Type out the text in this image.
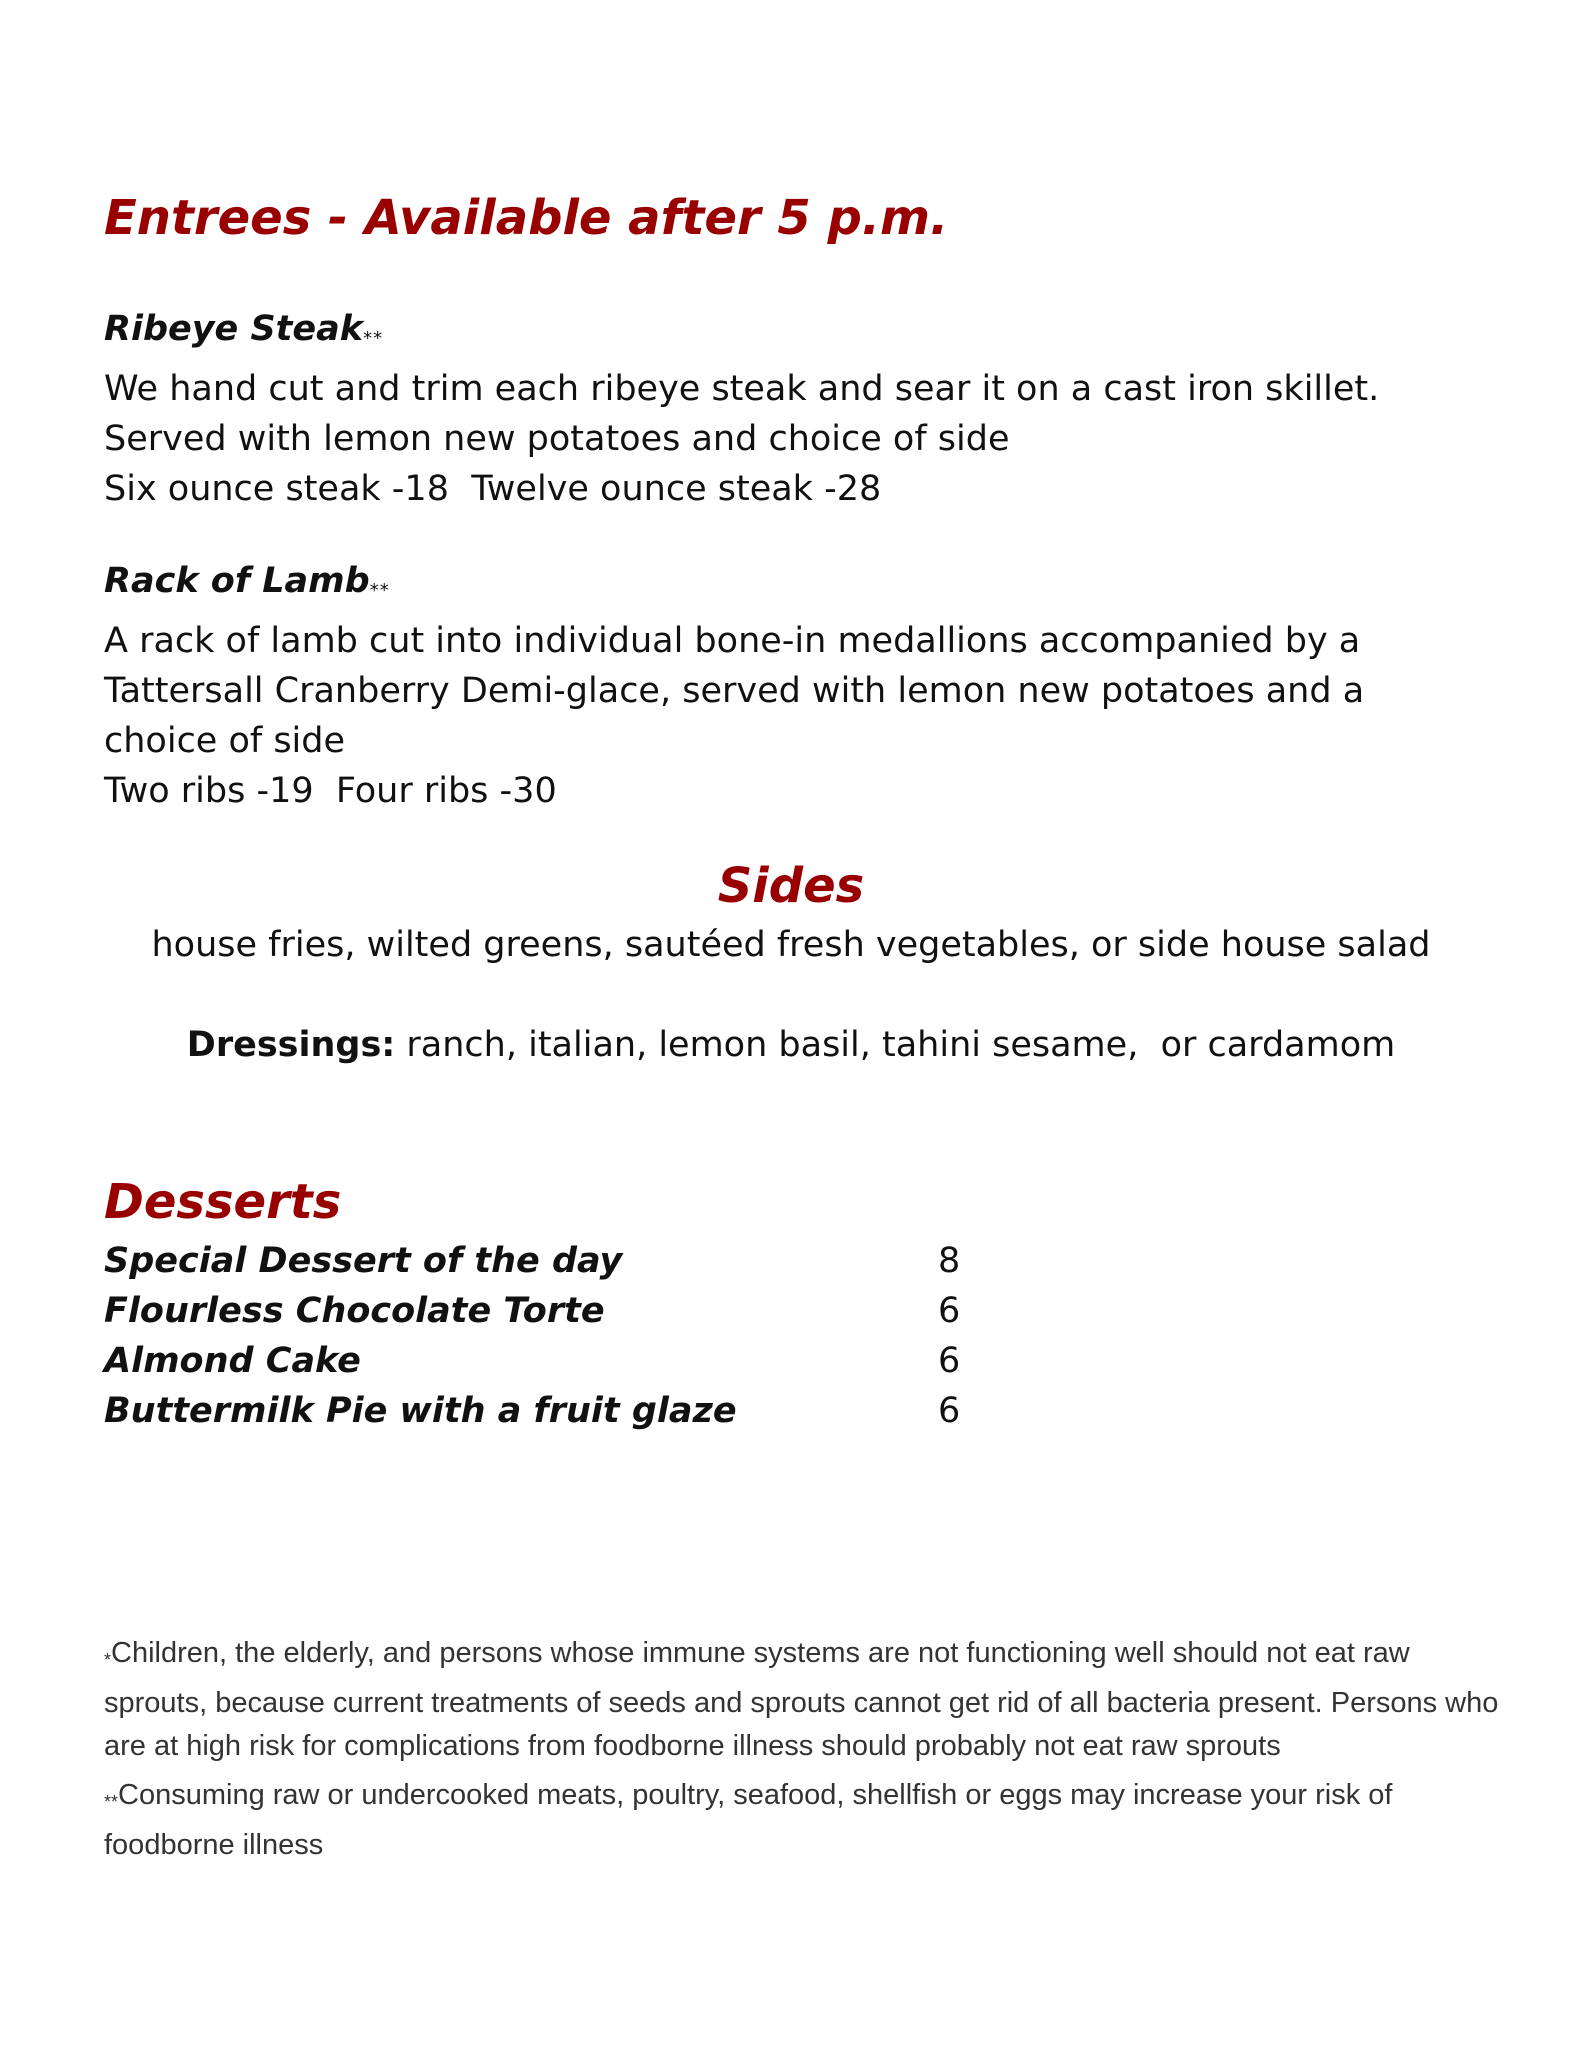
Entrees - Available after 5 p.m.
Ribeye Steak**
We hand cut and trim each ribeye steak and sear it on a cast iron skillet.
Served with lemon new potatoes and choice of side
Six ounce steak -18  Twelve ounce steak -28
Rack of Lamb**
A rack of lamb cut into individual bone-in medallions accompanied by a
Tattersall Cranberry Demi-glace, served with lemon new potatoes and a
choice of side
Two ribs -19  Four ribs -30
Sides
house fries, wilted greens, sautéed fresh vegetables, or side house salad
Dressings: ranch, italian, lemon basil, tahini sesame,  or cardamom
Desserts
Special Dessert of the day	8
Flourless Chocolate Torte	6
Almond Cake	6
Buttermilk Pie with a fruit glaze	6

*Children, the elderly, and persons whose immune systems are not functioning well should not eat raw sprouts, because current treatments of seeds and sprouts cannot get rid of all bacteria present. Persons who are at high risk for complications from foodborne illness should probably not eat raw sprouts

**Consuming raw or undercooked meats, poultry, seafood, shellfish or eggs may increase your risk of foodborne illness
